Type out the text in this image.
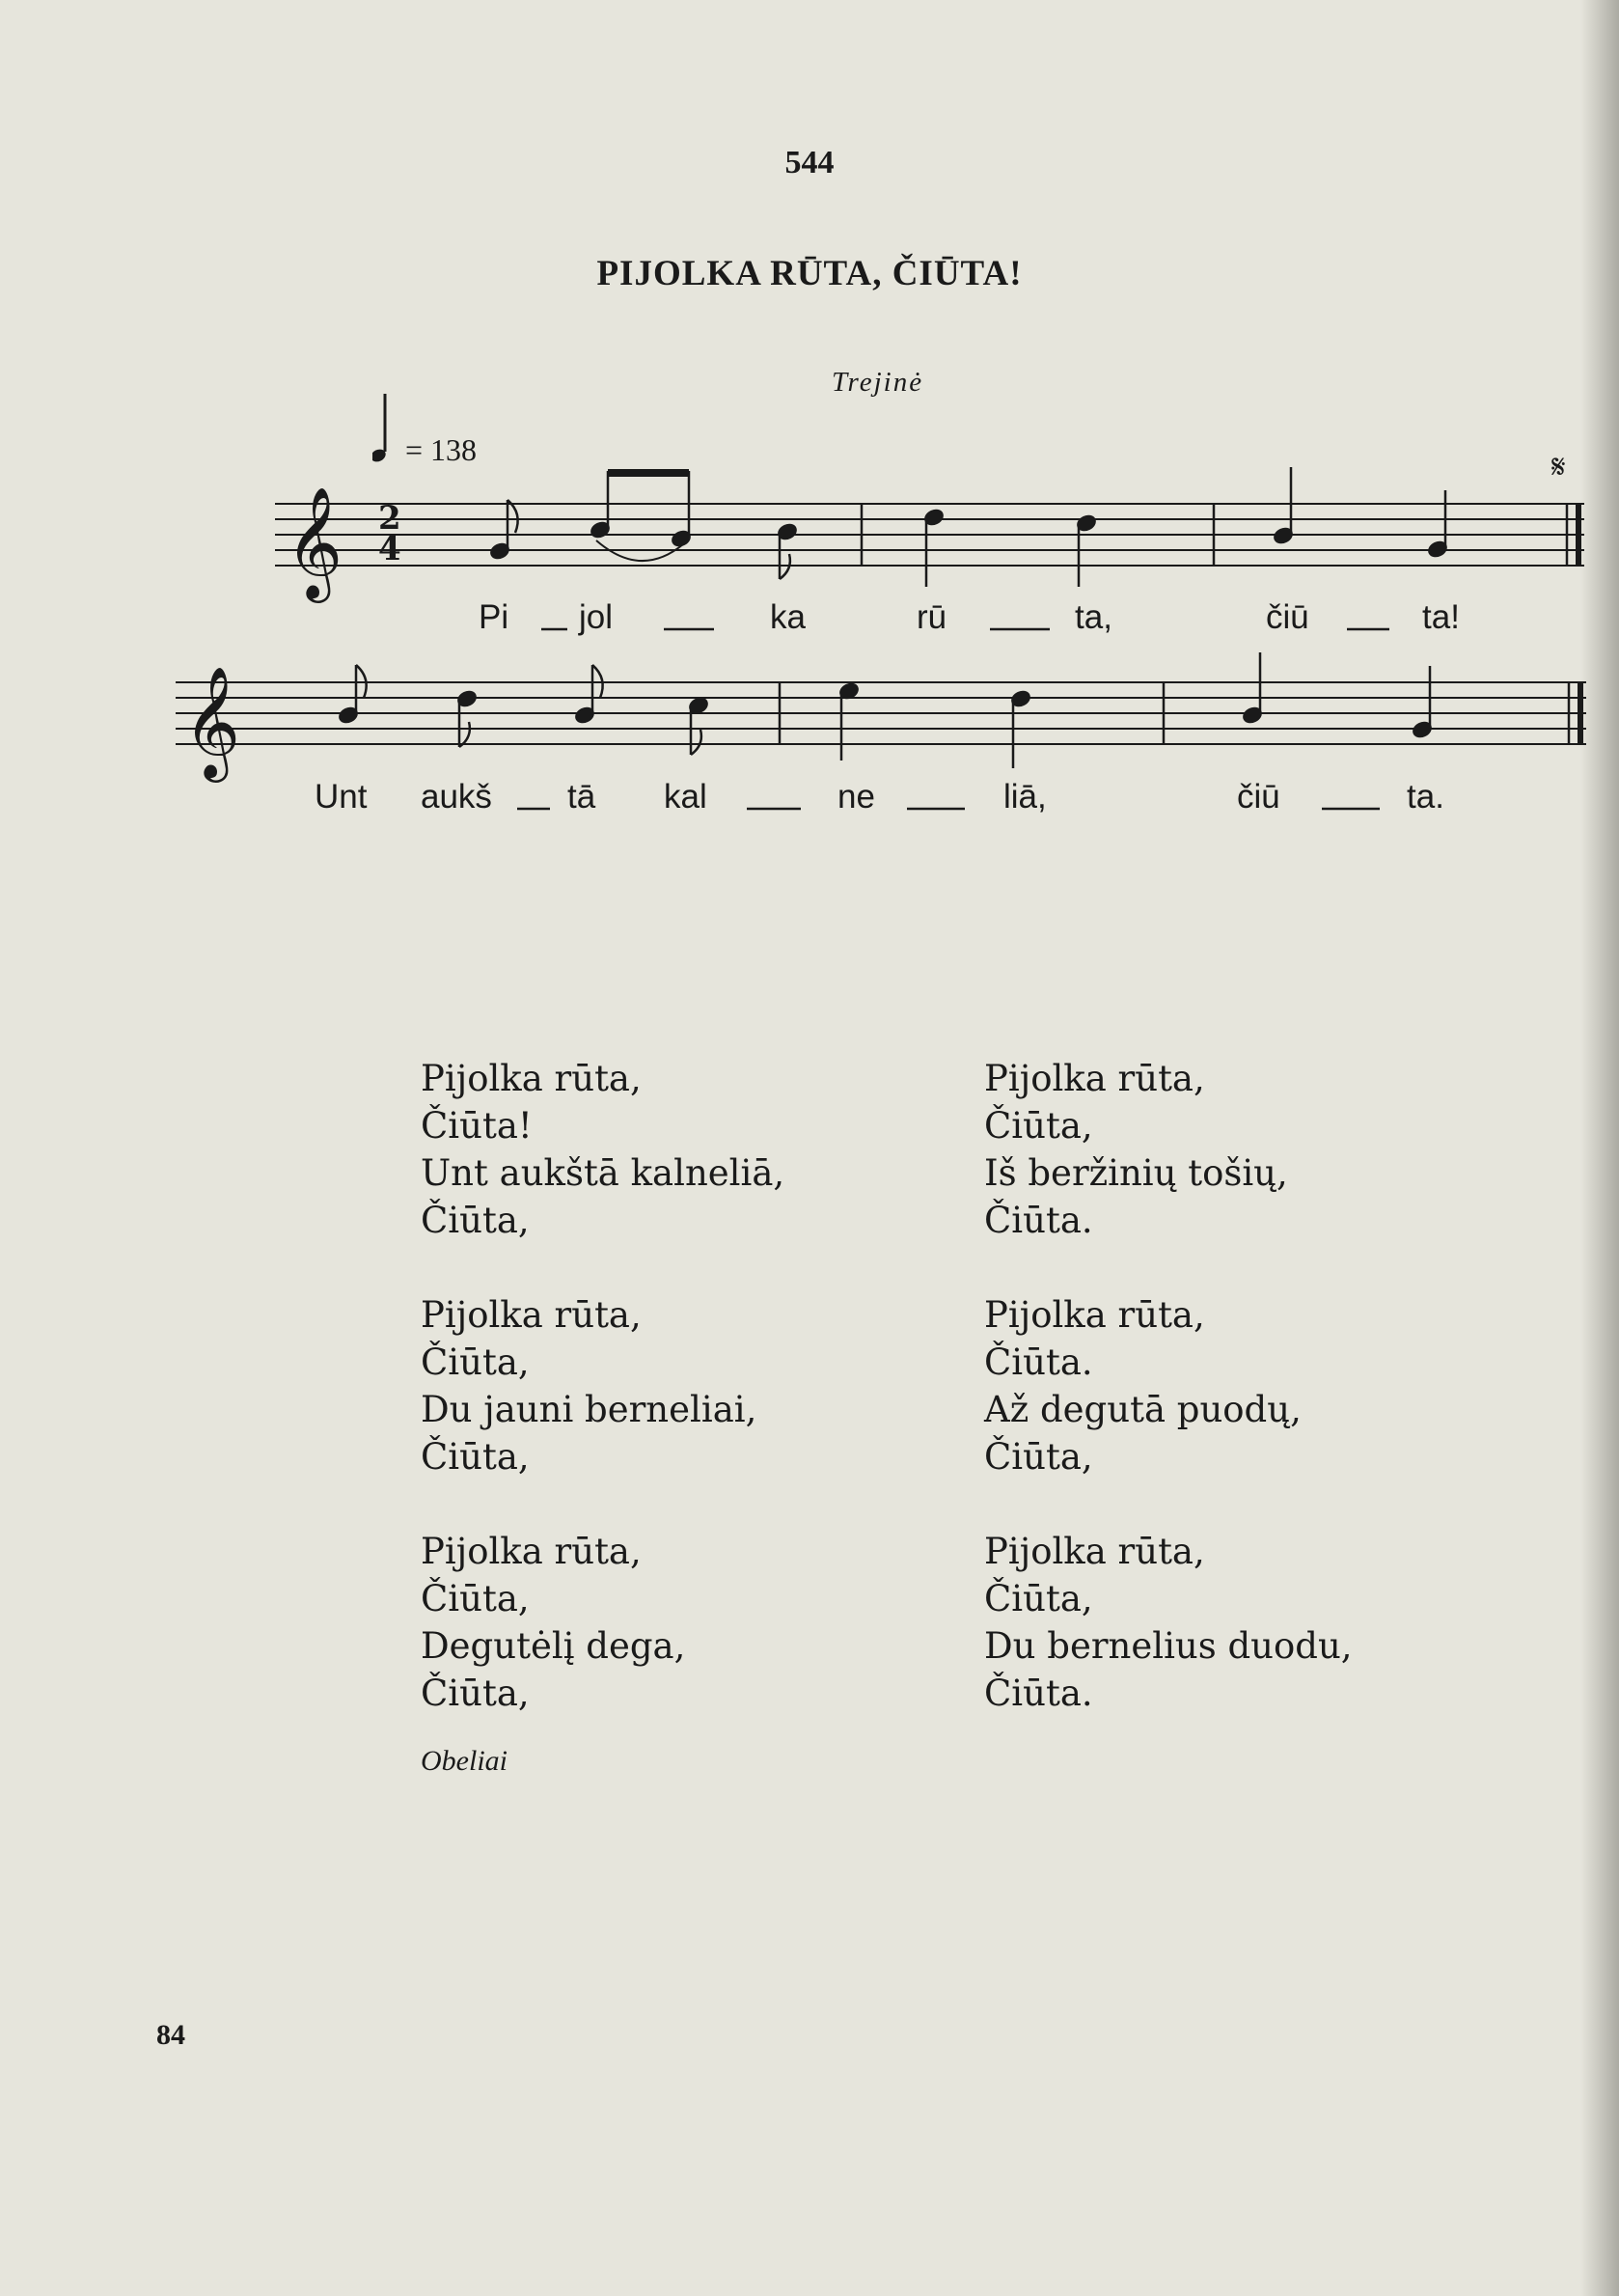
544
PIJOLKA RŪTA, ČIŪTA!
Trejinė
= 138
𝄞
𝄞
2
4
𝄋
Pi jol	ka	rū	ta,	čiū	ta!
Unt aukš tā kal	ne	liā,	čiū	ta.
Pijolka rūta,
Čiūta!
Unt aukštā kalneliā,
Čiūta,
Pijolka rūta,
Čiūta,
Du jauni berneliai,
Čiūta,
Pijolka rūta,
Čiūta,
Degutėlį dega,
Čiūta,
Pijolka rūta,
Čiūta,
Iš beržinių tošių,
Čiūta.
Pijolka rūta,
Čiūta.
Až degutā puodų,
Čiūta,
Pijolka rūta,
Čiūta,
Du bernelius duodu,
Čiūta.
Obeliai
84
